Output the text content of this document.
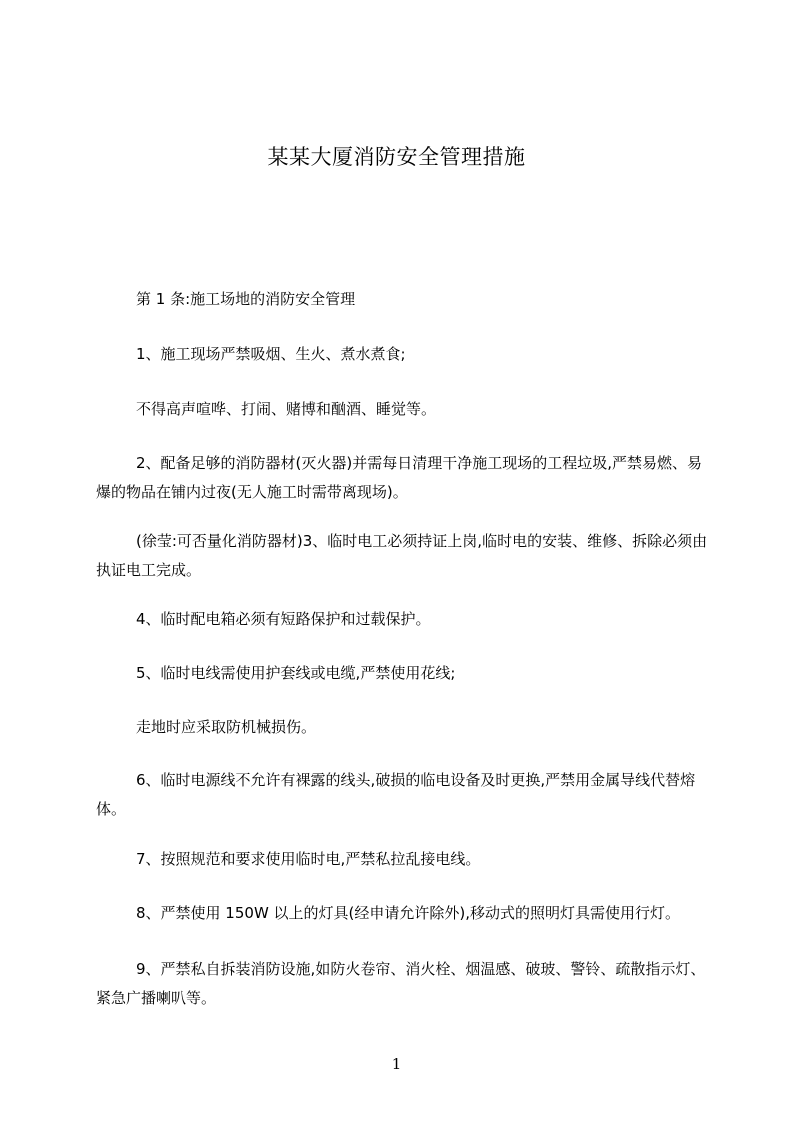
某某大厦消防安全管理措施

第 1 条:施工场地的消防安全管理

1、施工现场严禁吸烟、生火、煮水煮食;

不得高声喧哗、打闹、赌博和酗酒、睡觉等。

2、配备足够的消防器材(灭火器)并需每日清理干净施工现场的工程垃圾,严禁易燃、易爆的物品在铺内过夜(无人施工时需带离现场)。

(徐莹:可否量化消防器材)3、临时电工必须持证上岗,临时电的安装、维修、拆除必须由执证电工完成。

4、临时配电箱必须有短路保护和过载保护。

5、临时电线需使用护套线或电缆,严禁使用花线;

走地时应采取防机械损伤。

6、临时电源线不允许有裸露的线头,破损的临电设备及时更换,严禁用金属导线代替熔体。

7、按照规范和要求使用临时电,严禁私拉乱接电线。

8、严禁使用 150W 以上的灯具(经申请允许除外),移动式的照明灯具需使用行灯。

9、严禁私自拆装消防设施,如防火卷帘、消火栓、烟温感、破玻、警铃、疏散指示灯、紧急广播喇叭等。

1
